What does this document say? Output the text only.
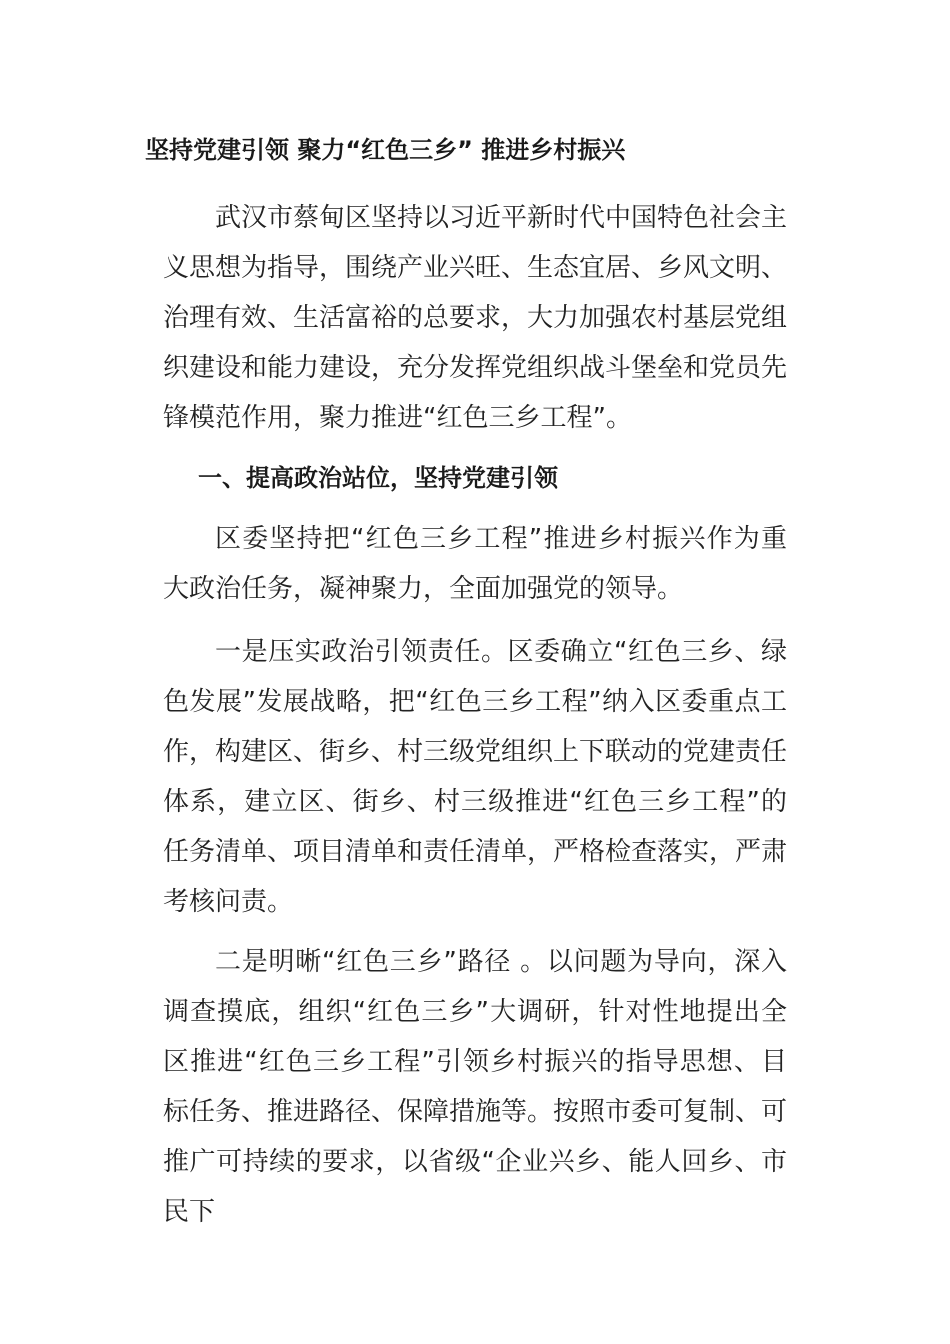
坚持党建引领 聚力“红色三乡” 推进乡村振兴

武汉市蔡甸区坚持以习近平新时代中国特色社会主义思想为指导，围绕产业兴旺、生态宜居、乡风文明、治理有效、生活富裕的总要求，大力加强农村基层党组织建设和能力建设，充分发挥党组织战斗堡垒和党员先锋模范作用，聚力推进“红色三乡工程”。

一、提高政治站位，坚持党建引领

区委坚持把“红色三乡工程”推进乡村振兴作为重大政治任务，凝神聚力，全面加强党的领导。

一是压实政治引领责任。区委确立“红色三乡、绿色发展”发展战略，把“红色三乡工程”纳入区委重点工作，构建区、街乡、村三级党组织上下联动的党建责任体系，建立区、街乡、村三级推进“红色三乡工程”的任务清单、项目清单和责任清单，严格检查落实，严肃考核问责。

二是明晰“红色三乡”路径 。以问题为导向，深入调查摸底，组织“红色三乡”大调研，针对性地提出全区推进“红色三乡工程”引领乡村振兴的指导思想、目标任务、推进路径、保障措施等。按照市委可复制、可推广可持续的要求，以省级“企业兴乡、能人回乡、市民下
